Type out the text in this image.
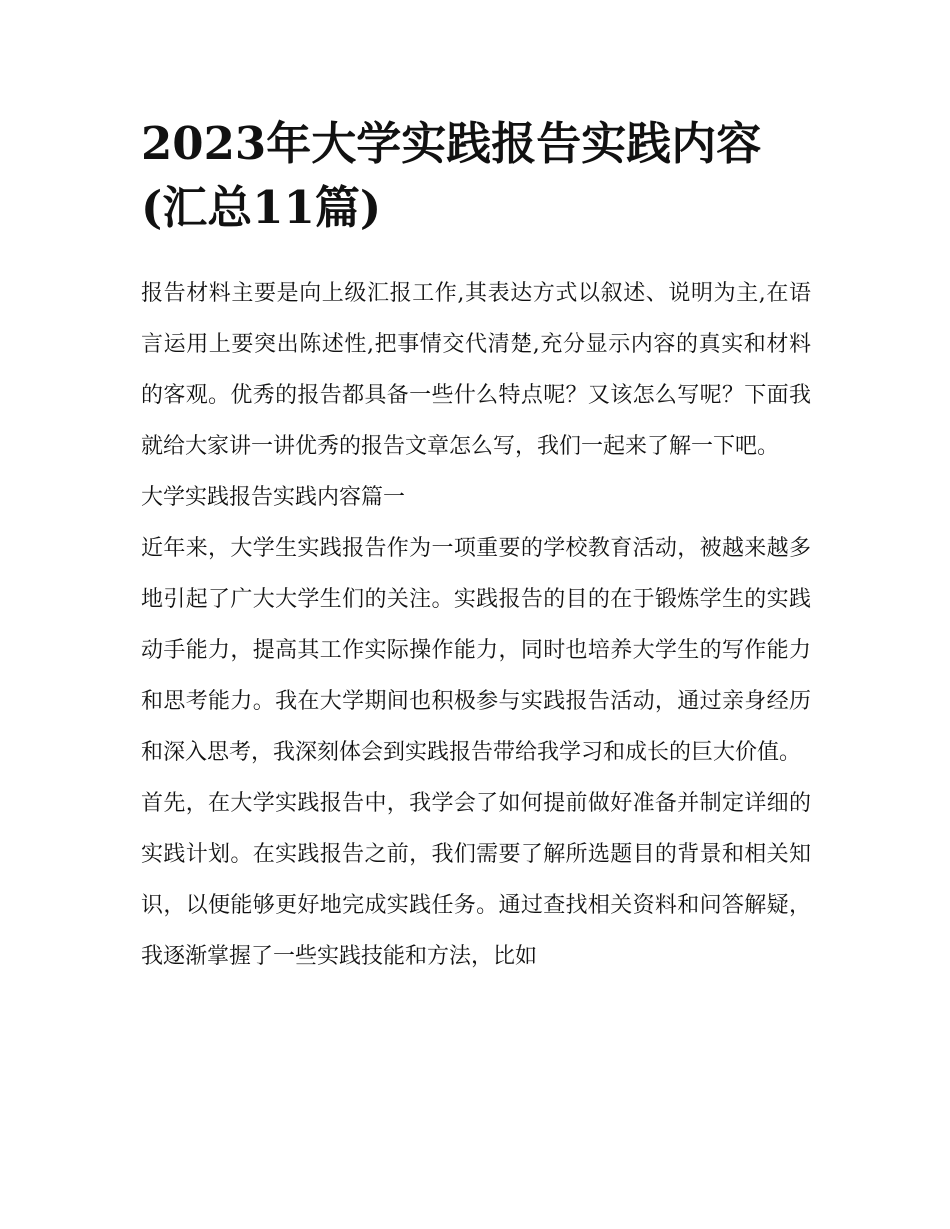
2023年大学实践报告实践内容(汇总11篇)

报告材料主要是向上级汇报工作,其表达方式以叙述、说明为主,在语言运用上要突出陈述性,把事情交代清楚,充分显示内容的真实和材料的客观。优秀的报告都具备一些什么特点呢？又该怎么写呢？下面我就给大家讲一讲优秀的报告文章怎么写，我们一起来了解一下吧。

大学实践报告实践内容篇一

近年来，大学生实践报告作为一项重要的学校教育活动，被越来越多地引起了广大大学生们的关注。实践报告的目的在于锻炼学生的实践动手能力，提高其工作实际操作能力，同时也培养大学生的写作能力和思考能力。我在大学期间也积极参与实践报告活动，通过亲身经历和深入思考，我深刻体会到实践报告带给我学习和成长的巨大价值。

首先，在大学实践报告中，我学会了如何提前做好准备并制定详细的实践计划。在实践报告之前，我们需要了解所选题目的背景和相关知识，以便能够更好地完成实践任务。通过查找相关资料和问答解疑，我逐渐掌握了一些实践技能和方法，比如
